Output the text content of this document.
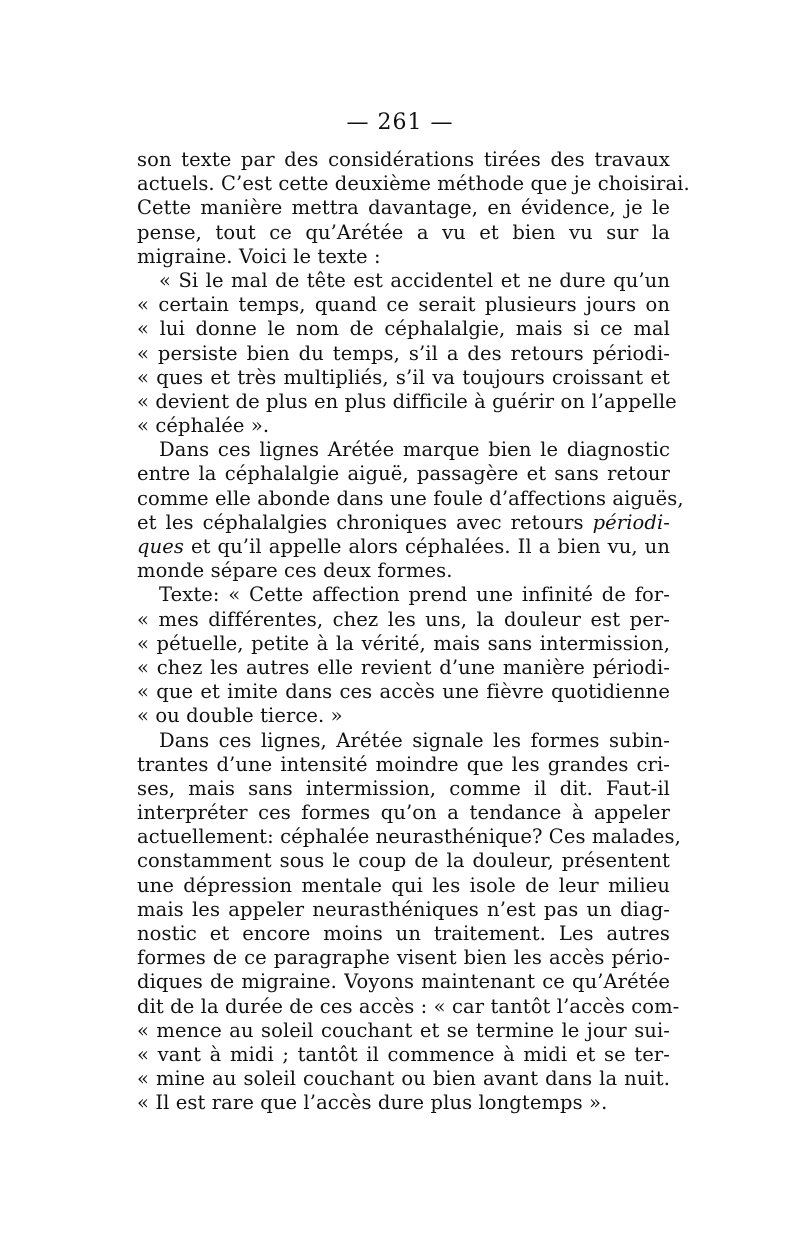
— 261 —
son texte par des considérations tirées des travaux
actuels. C’est cette deuxième méthode que je choisirai.
Cette manière mettra davantage, en évidence, je le
pense, tout ce qu’Arétée a vu et bien vu sur la
migraine. Voici le texte :
« Si le mal de tête est accidentel et ne dure qu’un
« certain temps, quand ce serait plusieurs jours on
« lui donne le nom de céphalalgie, mais si ce mal
« persiste bien du temps, s’il a des retours périodi-
« ques et très multipliés, s’il va toujours croissant et
« devient de plus en plus difficile à guérir on l’appelle
« céphalée ».
Dans ces lignes Arétée marque bien le diagnostic
entre la céphalalgie aiguë, passagère et sans retour
comme elle abonde dans une foule d’affections aiguës,
et les céphalalgies chroniques avec retours périodi-
ques et qu’il appelle alors céphalées. Il a bien vu, un
monde sépare ces deux formes.
Texte: « Cette affection prend une infinité de for-
« mes différentes, chez les uns, la douleur est per-
« pétuelle, petite à la vérité, mais sans intermission,
« chez les autres elle revient d’une manière périodi-
« que et imite dans ces accès une fièvre quotidienne
« ou double tierce. »
Dans ces lignes, Arétée signale les formes subin-
trantes d’une intensité moindre que les grandes cri-
ses, mais sans intermission, comme il dit. Faut-il
interpréter ces formes qu’on a tendance à appeler
actuellement: céphalée neurasthénique? Ces malades,
constamment sous le coup de la douleur, présentent
une dépression mentale qui les isole de leur milieu
mais les appeler neurasthéniques n’est pas un diag-
nostic et encore moins un traitement. Les autres
formes de ce paragraphe visent bien les accès pério-
diques de migraine. Voyons maintenant ce qu’Arétée
dit de la durée de ces accès : « car tantôt l’accès com-
« mence au soleil couchant et se termine le jour sui-
« vant à midi ; tantôt il commence à midi et se ter-
« mine au soleil couchant ou bien avant dans la nuit.
« Il est rare que l’accès dure plus longtemps ».
